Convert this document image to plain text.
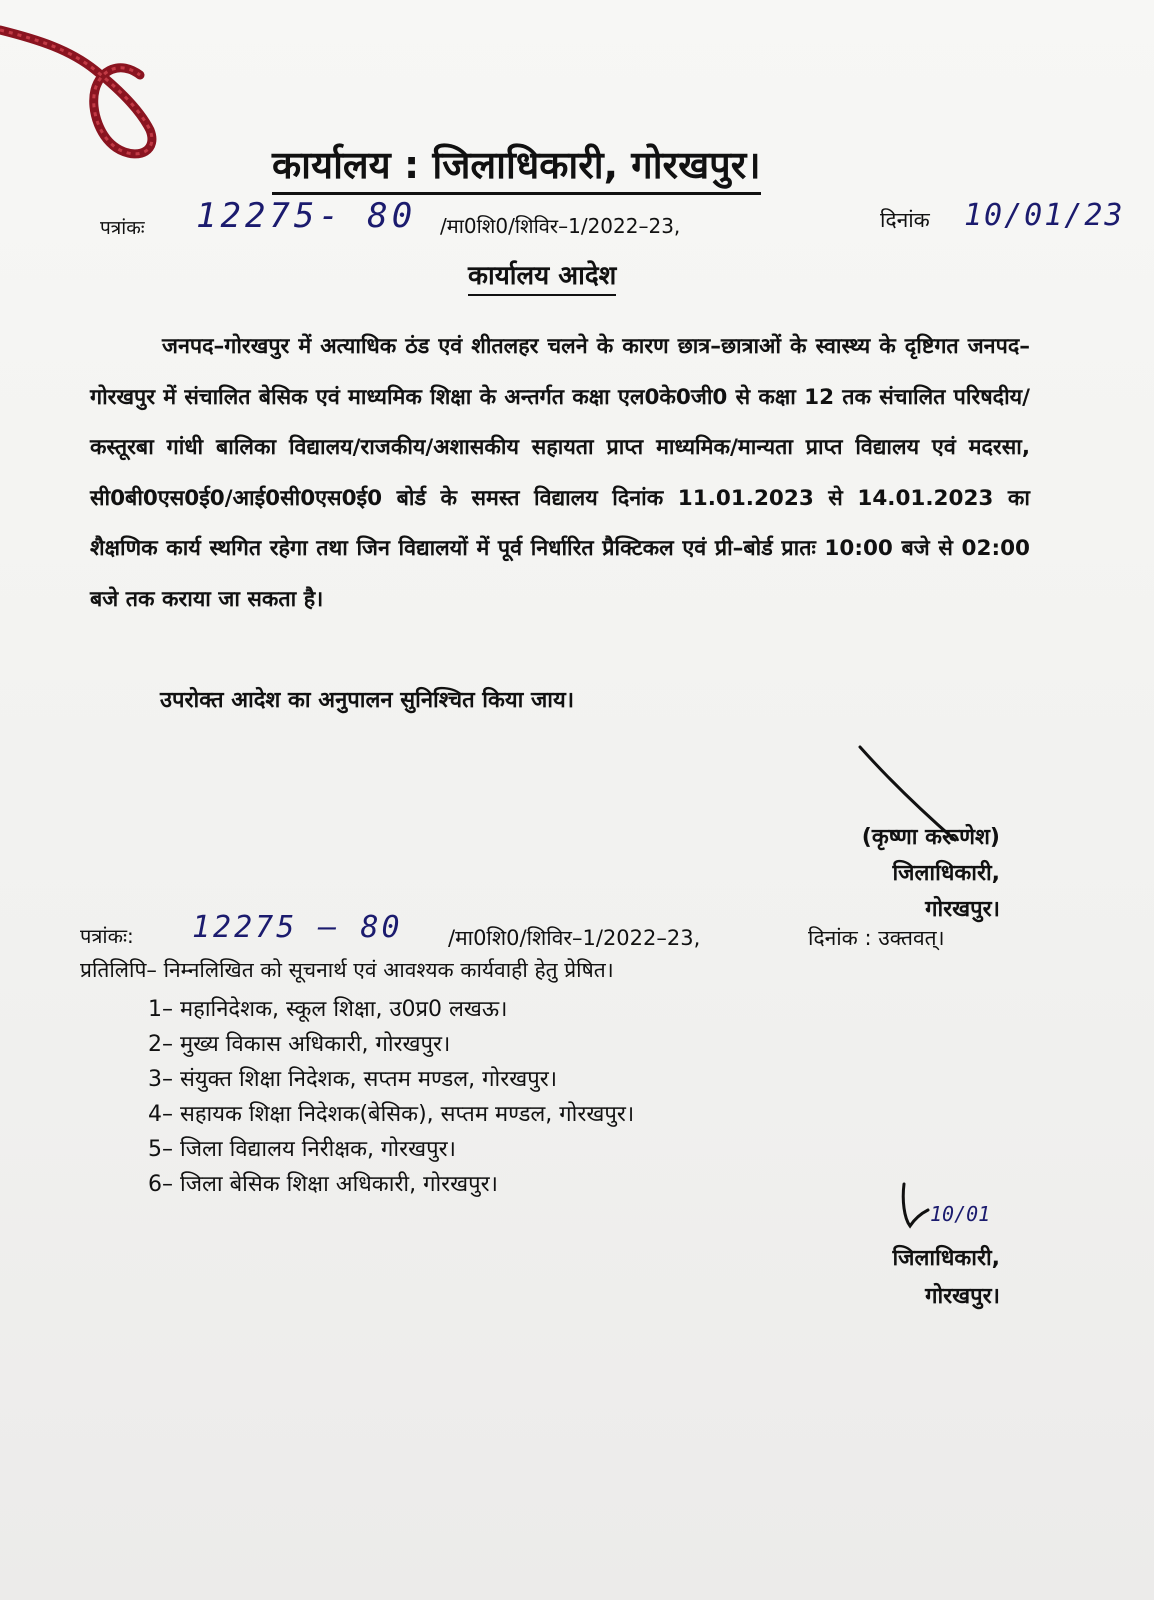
कार्यालय : जिलाधिकारी, गोरखपुर।
पत्रांकः 12275- 80 /मा0शि0/शिविर–1/2022–23,	दिनांक 10/01/23
कार्यालय आदेश

जनपद–गोरखपुर में अत्याधिक ठंड एवं शीतलहर चलने के कारण छात्र–छात्राओं के स्वास्थ्य के दृष्टिगत जनपद–गोरखपुर में संचालित बेसिक एवं माध्यमिक शिक्षा के अन्तर्गत कक्षा एल0के0जी0 से कक्षा 12 तक संचालित परिषदीय/कस्तूरबा गांधी बालिका विद्यालय/राजकीय/अशासकीय सहायता प्राप्त माध्यमिक/मान्यता प्राप्त विद्यालय एवं मदरसा, सी0बी0एस0ई0/आई0सी0एस0ई0 बोर्ड के समस्त विद्यालय दिनांक 11.01.2023 से 14.01.2023 का शैक्षणिक कार्य स्थगित रहेगा तथा जिन विद्यालयों में पूर्व निर्धारित प्रैक्टिकल एवं प्री–बोर्ड प्रातः 10:00 बजे से 02:00 बजे तक कराया जा सकता है।

उपरोक्त आदेश का अनुपालन सुनिश्चित किया जाय।
(कृष्णा करूणेश)
जिलाधिकारी,
गोरखपुर।
पत्रांकः: 12275 – 80 /मा0शि0/शिविर–1/2022–23,	दिनांक : उक्तवत्।
प्रतिलिपि– निम्नलिखित को सूचनार्थ एवं आवश्यक कार्यवाही हेतु प्रेषित।
1– महानिदेशक, स्कूल शिक्षा, उ0प्र0 लखऊ।
2– मुख्य विकास अधिकारी, गोरखपुर।
3– संयुक्त शिक्षा निदेशक, सप्तम मण्डल, गोरखपुर।
4– सहायक शिक्षा निदेशक(बेसिक), सप्तम मण्डल, गोरखपुर।
5– जिला विद्यालय निरीक्षक, गोरखपुर।
6– जिला बेसिक शिक्षा अधिकारी, गोरखपुर।
10/01
जिलाधिकारी,
गोरखपुर।
